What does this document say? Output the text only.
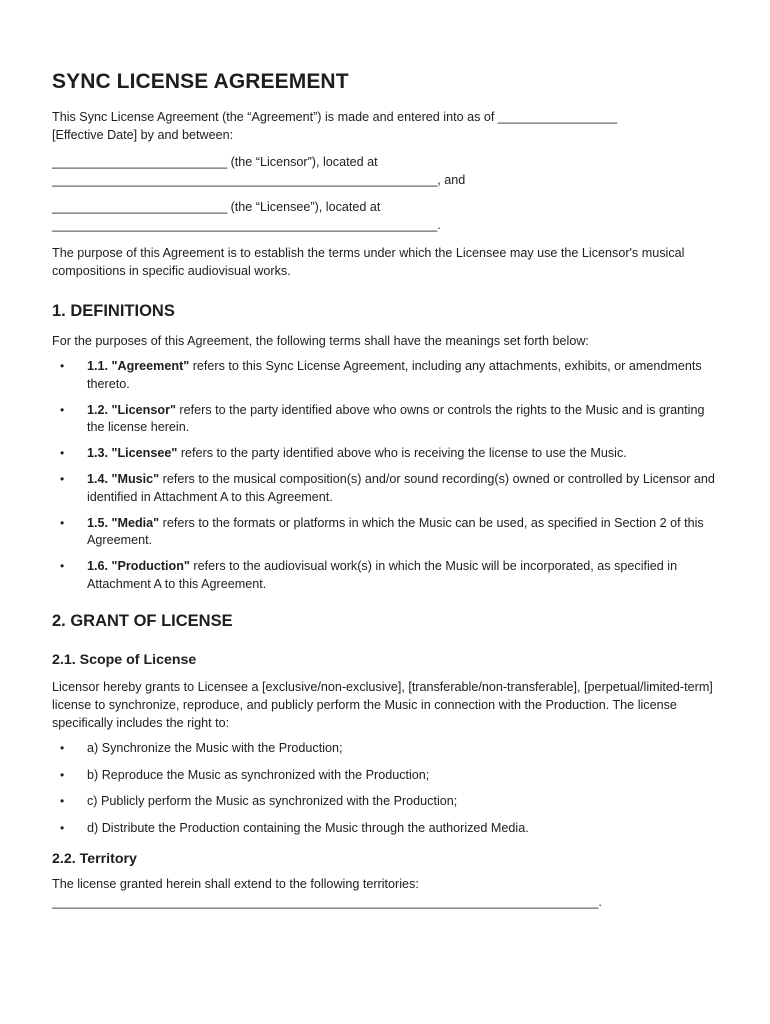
SYNC LICENSE AGREEMENT

This Sync License Agreement (the “Agreement”) is made and entered into as of _________________

[Effective Date] by and between:

_________________________ (the “Licensor”), located at

_______________________________________________________, and

_________________________ (the “Licensee”), located at

_______________________________________________________.

The purpose of this Agreement is to establish the terms under which the Licensee may use the Licensor's musical compositions in specific audiovisual works.

1. DEFINITIONS

For the purposes of this Agreement, the following terms shall have the meanings set forth below:

• 1.1. "Agreement" refers to this Sync License Agreement, including any attachments, exhibits, or amendments thereto.
• 1.2. "Licensor" refers to the party identified above who owns or controls the rights to the Music and is granting the license herein.
• 1.3. "Licensee" refers to the party identified above who is receiving the license to use the Music.
• 1.4. "Music" refers to the musical composition(s) and/or sound recording(s) owned or controlled by Licensor and identified in Attachment A to this Agreement.
• 1.5. "Media" refers to the formats or platforms in which the Music can be used, as specified in Section 2 of this Agreement.
• 1.6. "Production" refers to the audiovisual work(s) in which the Music will be incorporated, as specified in Attachment A to this Agreement.
2. GRANT OF LICENSE
2.1. Scope of License

Licensor hereby grants to Licensee a [exclusive/non-exclusive], [transferable/non-transferable], [perpetual/limited-term] license to synchronize, reproduce, and publicly perform the Music in connection with the Production. The license specifically includes the right to:

• a) Synchronize the Music with the Production;
• b) Reproduce the Music as synchronized with the Production;
• c) Publicly perform the Music as synchronized with the Production;
• d) Distribute the Production containing the Music through the authorized Media.
2.2. Territory

The license granted herein shall extend to the following territories:

______________________________________________________________________________.
